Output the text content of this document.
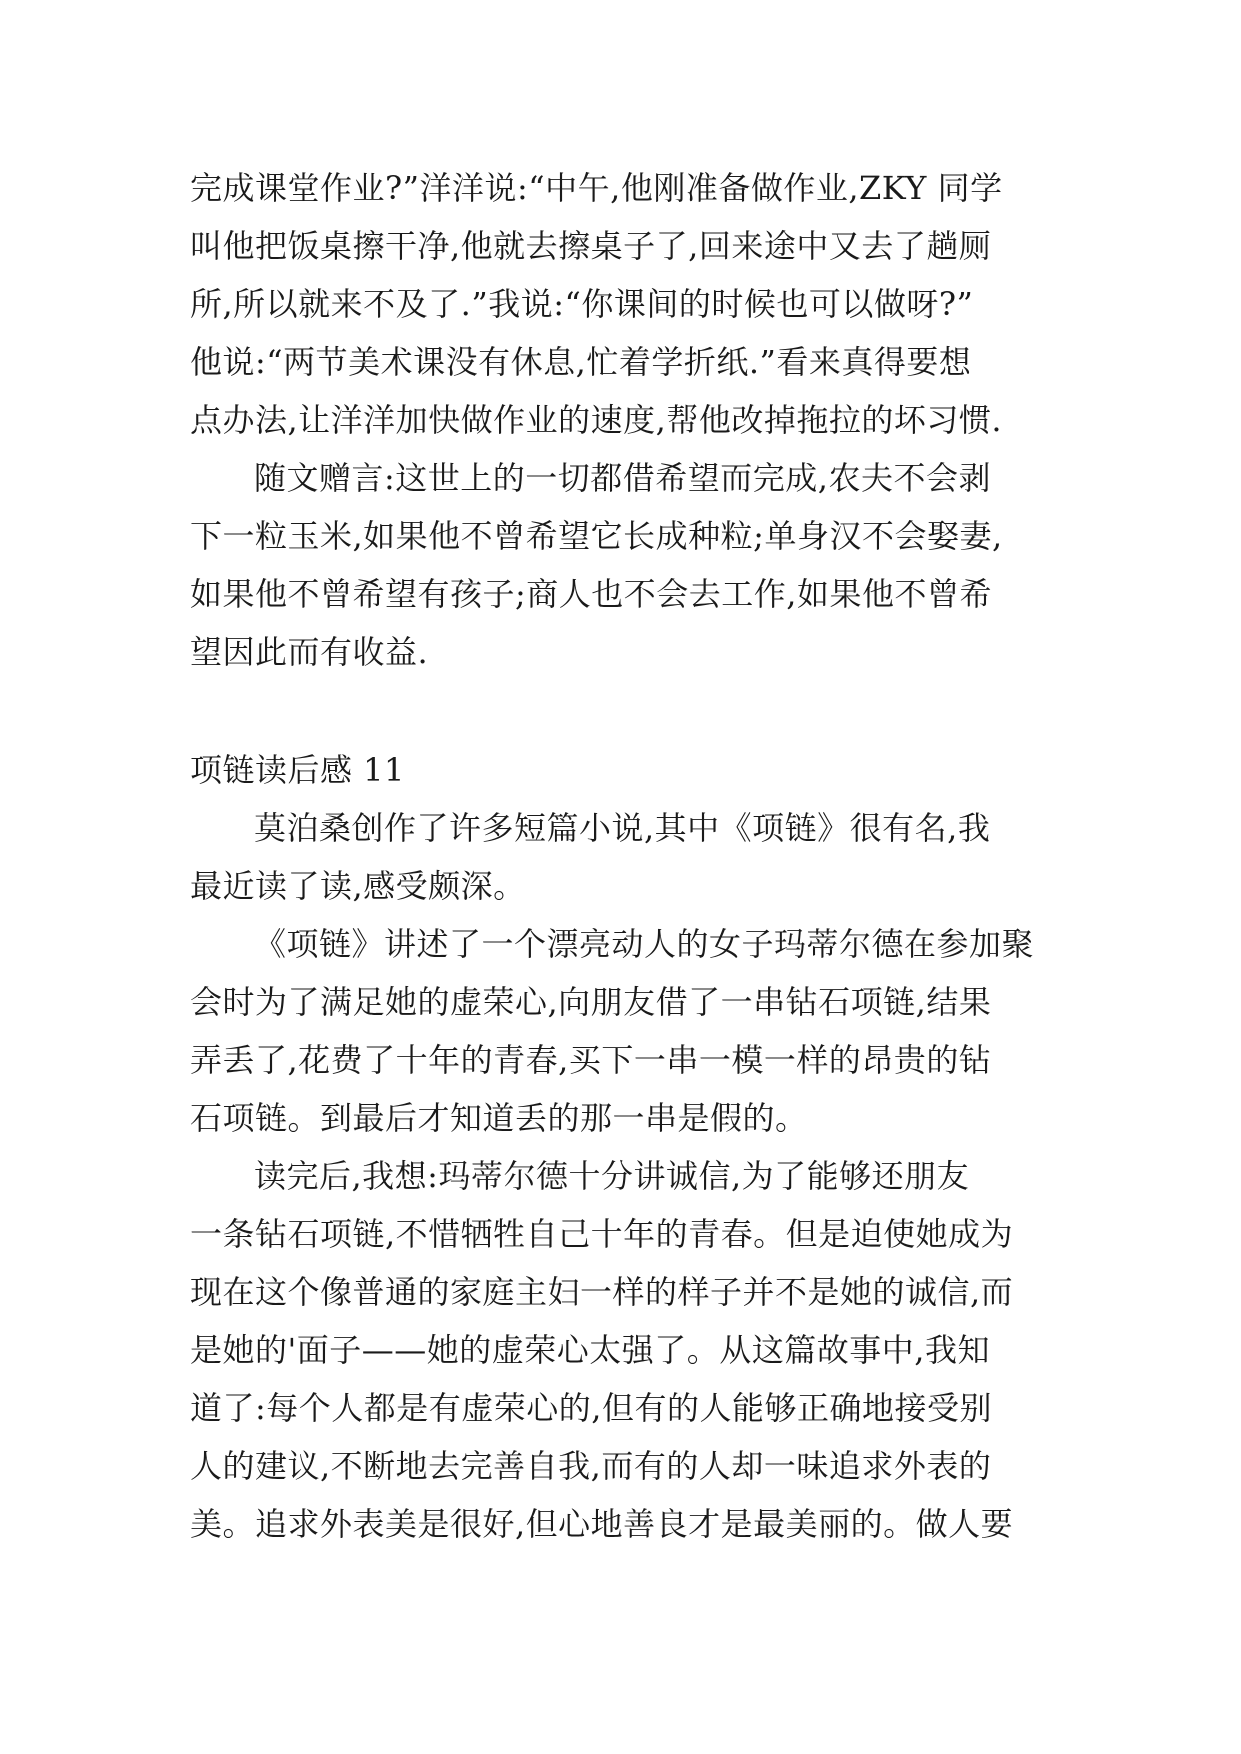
完成课堂作业?”洋洋说:“中午,他刚准备做作业,ZKY 同学
叫他把饭桌擦干净,他就去擦桌子了,回来途中又去了趟厕
所,所以就来不及了.”我说:“你课间的时候也可以做呀?”
他说:“两节美术课没有休息,忙着学折纸.”看来真得要想
点办法,让洋洋加快做作业的速度,帮他改掉拖拉的坏习惯.
随文赠言:这世上的一切都借希望而完成,农夫不会剥
下一粒玉米,如果他不曾希望它长成种粒;单身汉不会娶妻,
如果他不曾希望有孩子;商人也不会去工作,如果他不曾希
望因此而有收益.
项链读后感 11
莫泊桑创作了许多短篇小说,其中《项链》很有名,我
最近读了读,感受颇深。
《项链》讲述了一个漂亮动人的女子玛蒂尔德在参加聚
会时为了满足她的虚荣心,向朋友借了一串钻石项链,结果
弄丢了,花费了十年的青春,买下一串一模一样的昂贵的钻
石项链。到最后才知道丢的那一串是假的。
读完后,我想:玛蒂尔德十分讲诚信,为了能够还朋友
一条钻石项链,不惜牺牲自己十年的青春。但是迫使她成为
现在这个像普通的家庭主妇一样的样子并不是她的诚信,而
是她的'面子——她的虚荣心太强了。从这篇故事中,我知
道了:每个人都是有虚荣心的,但有的人能够正确地接受别
人的建议,不断地去完善自我,而有的人却一味追求外表的
美。追求外表美是很好,但心地善良才是最美丽的。做人要
